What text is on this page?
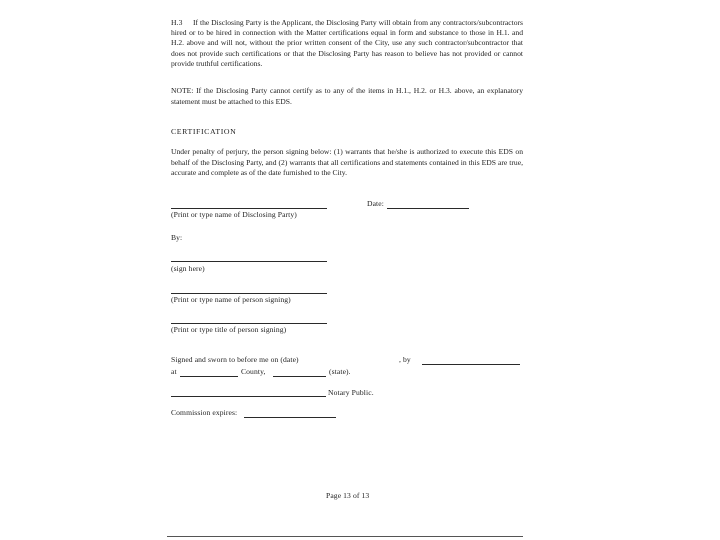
H.3	If the Disclosing Party is the Applicant, the Disclosing Party will obtain from any contractors/subcontractors hired or to be hired in connection with the Matter certifications equal in form and substance to those in H.1. and H.2. above and will not, without the prior written consent of the City, use any such contractor/subcontractor that does not provide such certifications or that the Disclosing Party has reason to believe has not provided or cannot provide truthful certifications.
NOTE: If the Disclosing Party cannot certify as to any of the items in H.1., H.2. or H.3. above, an explanatory statement must be attached to this EDS.
CERTIFICATION
Under penalty of perjury, the person signing below: (1) warrants that he/she is authorized to execute this EDS on behalf of the Disclosing Party, and (2) warrants that all certifications and statements contained in this EDS are true, accurate and complete as of the date furnished to the City.
(Print or type name of Disclosing Party)
Date:
By:
(sign here)
(Print or type name of person signing)
(Print or type title of person signing)
Signed and sworn to before me on (date)	, by
at	County,	(state).
Notary Public.
Commission expires:
Page 13 of 13
